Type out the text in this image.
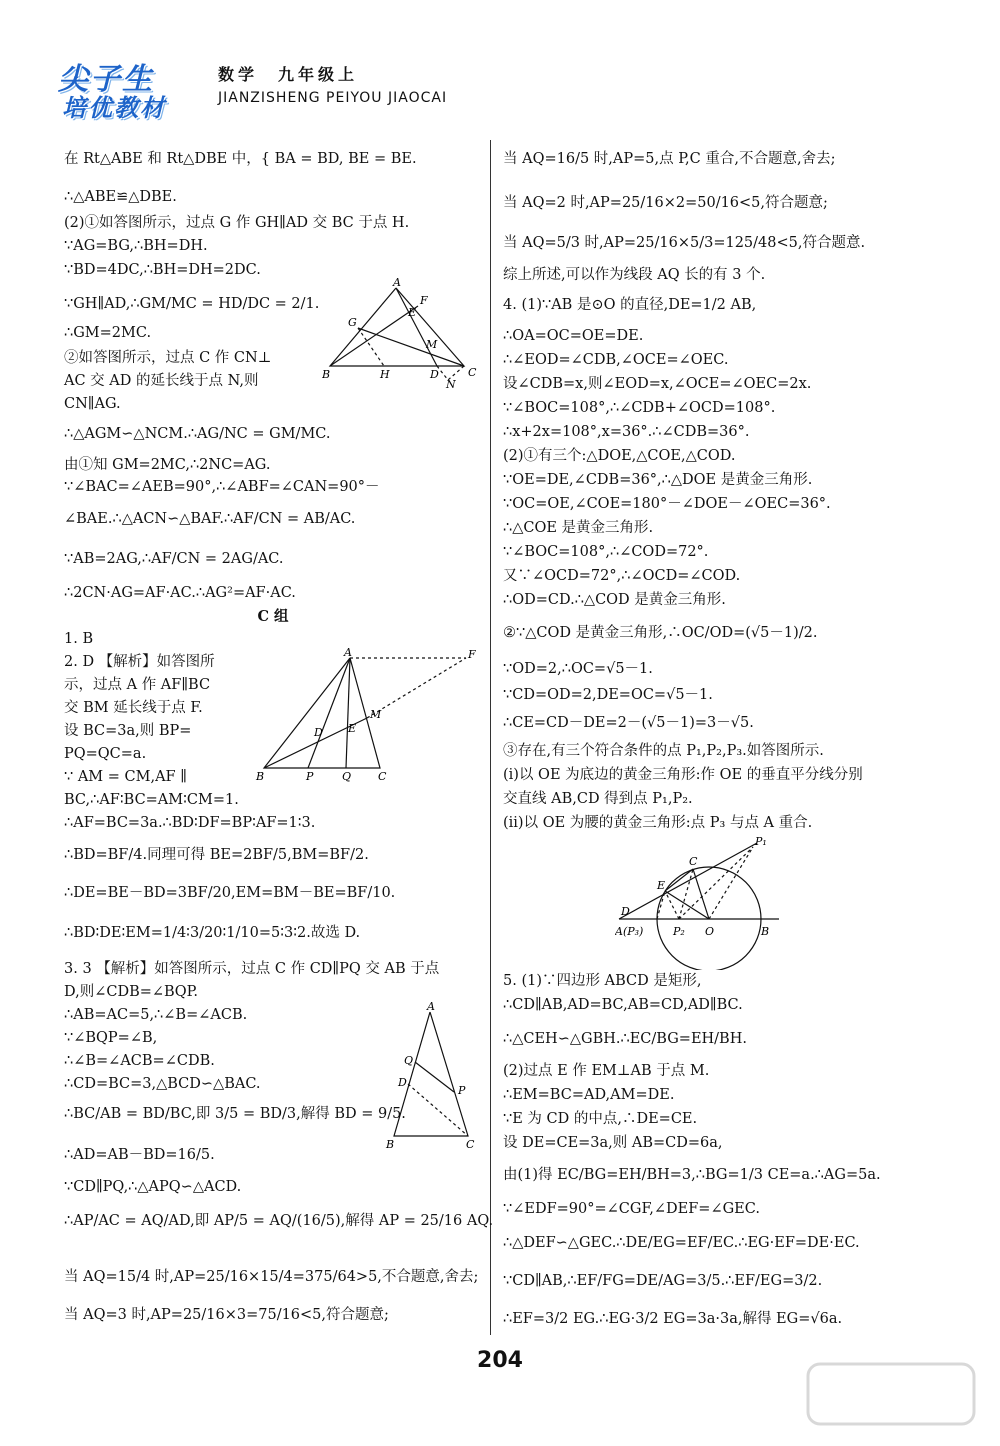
尖子生
培优教材
数学　九年级上
JIANZISHENG PEIYOU JIAOCAI
在 Rt△ABE 和 Rt△DBE 中，{ BA = BD, BE = BE.
∴△ABE≌△DBE.
(2)①如答图所示，过点 G 作 GH∥AD 交 BC 于点 H.
∵AG=BG,∴BH=DH.
∵BD=4DC,∴BH=DH=2DC.
∵GH∥AD,∴GM/MC = HD/DC = 2/1.
∴GM=2MC.
②如答图所示，过点 C 作 CN⊥
AC 交 AD 的延长线于点 N,则
CN∥AG.
∴△AGM∽△NCM.∴AG/NC = GM/MC.
由①知 GM=2MC,∴2NC=AG.
∵∠BAC=∠AEB=90°,∴∠ABF=∠CAN=90°－
∠BAE.∴△ACN∽△BAF.∴AF/CN = AB/AC.
∵AB=2AG,∴AF/CN = 2AG/AC.
∴2CN·AG=AF·AC.∴AG²=AF·AC.
C 组
1. B
2. D 【解析】如答图所
示，过点 A 作 AF∥BC
交 BM 延长线于点 F.
设 BC=3a,则 BP=
PQ=QC=a.
∵ AM = CM,AF ∥
BC,∴AF∶BC=AM∶CM=1.
∴AF=BC=3a.∴BD∶DF=BP∶AF=1∶3.
∴BD=BF/4.同理可得 BE=2BF/5,BM=BF/2.
∴DE=BE－BD=3BF/20,EM=BM－BE=BF/10.
∴BD∶DE∶EM=1/4∶3/20∶1/10=5∶3∶2.故选 D.
3. 3 【解析】如答图所示，过点 C 作 CD∥PQ 交 AB 于点
D,则∠CDB=∠BQP.
∴AB=AC=5,∴∠B=∠ACB.
∵∠BQP=∠B,
∴∠B=∠ACB=∠CDB.
∴CD=BC=3,△BCD∽△BAC.
∴BC/AB = BD/BC,即 3/5 = BD/3,解得 BD = 9/5.
∴AD=AB－BD=16/5.
∵CD∥PQ,∴△APQ∽△ACD.
∴AP/AC = AQ/AD,即 AP/5 = AQ/(16/5),解得 AP = 25/16 AQ.
当 AQ=15/4 时,AP=25/16×15/4=375/64>5,不合题意,舍去;
当 AQ=3 时,AP=25/16×3=75/16<5,符合题意;
A
F
E
G
M
B	H	D	C
N
A	F
M
D E
B	P	Q C
A
Q
D
P
B	C
当 AQ=16/5 时,AP=5,点 P,C 重合,不合题意,舍去;
当 AQ=2 时,AP=25/16×2=50/16<5,符合题意;
当 AQ=5/3 时,AP=25/16×5/3=125/48<5,符合题意.
综上所述,可以作为线段 AQ 长的有 3 个.
4. (1)∵AB 是⊙O 的直径,DE=1/2 AB,
∴OA=OC=OE=DE.
∴∠EOD=∠CDB,∠OCE=∠OEC.
设∠CDB=x,则∠EOD=x,∠OCE=∠OEC=2x.
∵∠BOC=108°,∴∠CDB+∠OCD=108°.
∴x+2x=108°,x=36°.∴∠CDB=36°.
(2)①有三个:△DOE,△COE,△COD.
∵OE=DE,∠CDB=36°,∴△DOE 是黄金三角形.
∵OC=OE,∠COE=180°－∠DOE－∠OEC=36°.
∴△COE 是黄金三角形.
∵∠BOC=108°,∴∠COD=72°.
又∵∠OCD=72°,∴∠OCD=∠COD.
∴OD=CD.∴△COD 是黄金三角形.
②∵△COD 是黄金三角形,∴OC/OD=(√5－1)/2.
∵OD=2,∴OC=√5－1.
∵CD=OD=2,DE=OC=√5－1.
∴CE=CD－DE=2－(√5－1)=3－√5.
③存在,有三个符合条件的点 P₁,P₂,P₃.如答图所示.
(i)以 OE 为底边的黄金三角形:作 OE 的垂直平分线分别
交直线 AB,CD 得到点 P₁,P₂.
(ii)以 OE 为腰的黄金三角形:点 P₃ 与点 A 重合.
C
P₁
E
D
A(P₃)	P₂ O	B
5. (1)∵四边形 ABCD 是矩形,
∴CD∥AB,AD=BC,AB=CD,AD∥BC.
∴△CEH∽△GBH.∴EC/BG=EH/BH.
(2)过点 E 作 EM⊥AB 于点 M.
∴EM=BC=AD,AM=DE.
∵E 为 CD 的中点,∴DE=CE.
设 DE=CE=3a,则 AB=CD=6a,
由(1)得 EC/BG=EH/BH=3,∴BG=1/3 CE=a.∴AG=5a.
∵∠EDF=90°=∠CGF,∠DEF=∠GEC.
∴△DEF∽△GEC.∴DE/EG=EF/EC.∴EG·EF=DE·EC.
∵CD∥AB,∴EF/FG=DE/AG=3/5.∴EF/EG=3/2.
∴EF=3/2 EG.∴EG·3/2 EG=3a·3a,解得 EG=√6a.
204
